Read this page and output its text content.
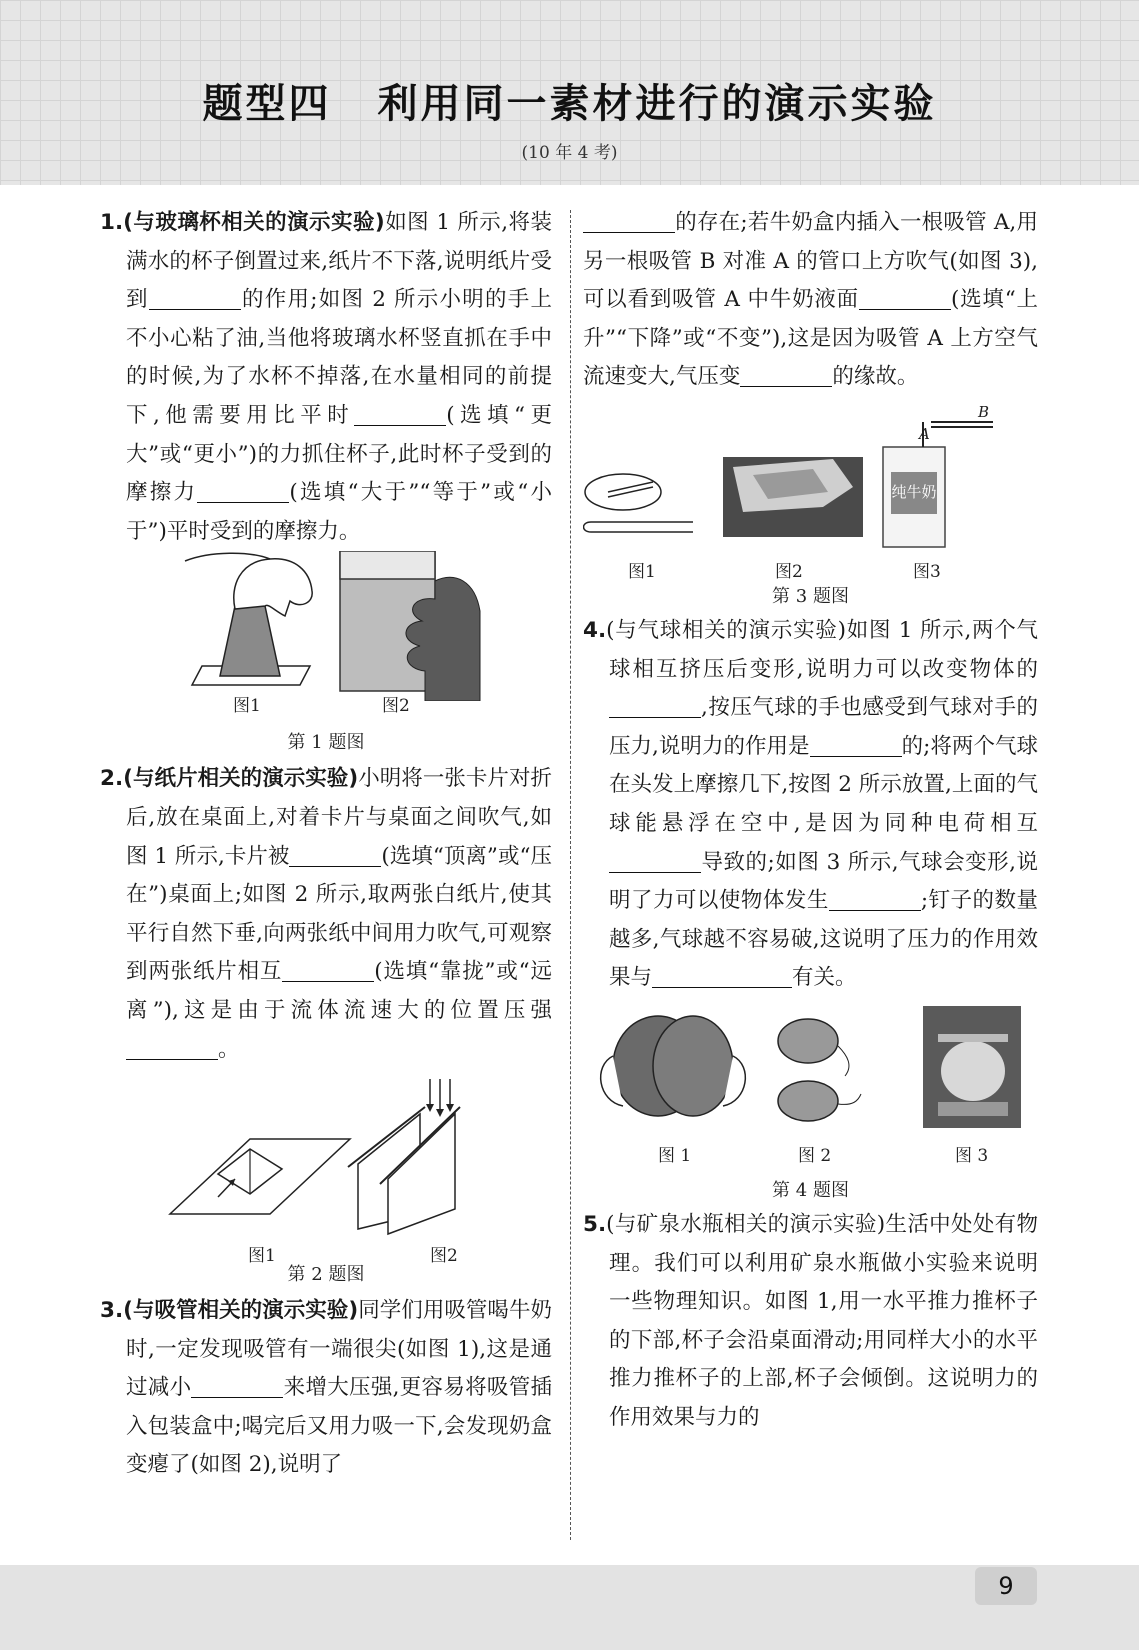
题型四 利用同一素材进行的演示实验
(10 年 4 考)

1.(与玻璃杯相关的演示实验)如图 1 所示,将装满水的杯子倒置过来,纸片不下落,说明纸片受到	的作用;如图 2 所示小明的手上不小心粘了油,当他将玻璃水杯竖直抓在手中的时候,为了水杯不掉落,在水量相同的前提下,他需要用比平时	(选填“更大”或“更小”)的力抓住杯子,此时杯子受到的摩擦力	(选填“大于”“等于”或“小于”)平时受到的摩擦力。

图1	图2
第 1 题图

2.(与纸片相关的演示实验)小明将一张卡片对折后,放在桌面上,对着卡片与桌面之间吹气,如图 1 所示,卡片被	(选填“顶离”或“压在”)桌面上;如图 2 所示,取两张白纸片,使其平行自然下垂,向两张纸中间用力吹气,可观察到两张纸片相互	(选填“靠拢”或“远离”),这是由于流体流速大的位置压强。

图1	图2
第 2 题图

3.(与吸管相关的演示实验)同学们用吸管喝牛奶时,一定发现吸管有一端很尖(如图 1),这是通过减小	来增大压强,更容易将吸管插入包装盒中;喝完后又用力吸一下,会发现奶盒变瘪了(如图 2),说明了

的存在;若牛奶盒内插入一根吸管 A,用另一根吸管 B 对准 A 的管口上方吹气(如图 3),可以看到吸管 A 中牛奶液面	(选填“上升”“下降”或“不变”),这是因为吸管 A 上方空气流速变大,气压变	的缘故。

纯牛奶
A
B
图1	图2	图3
第 3 题图

4.(与气球相关的演示实验)如图 1 所示,两个气球相互挤压后变形,说明力可以改变物体的,按压气球的手也感受到气球对手的压力,说明力的作用是	的;将两个气球在头发上摩擦几下,按图 2 所示放置,上面的气球能悬浮在空中,是因为同种电荷相互导致的;如图 3 所示,气球会变形,说明了力可以使物体发生	;钉子的数量越多,气球越不容易破,这说明了压力的作用效果与	有关。

图 1	图 2	图 3
第 4 题图

5.(与矿泉水瓶相关的演示实验)生活中处处有物理。我们可以利用矿泉水瓶做小实验来说明一些物理知识。如图 1,用一水平推力推杯子的下部,杯子会沿桌面滑动;用同样大小的水平推力推杯子的上部,杯子会倾倒。这说明力的作用效果与力的

9
